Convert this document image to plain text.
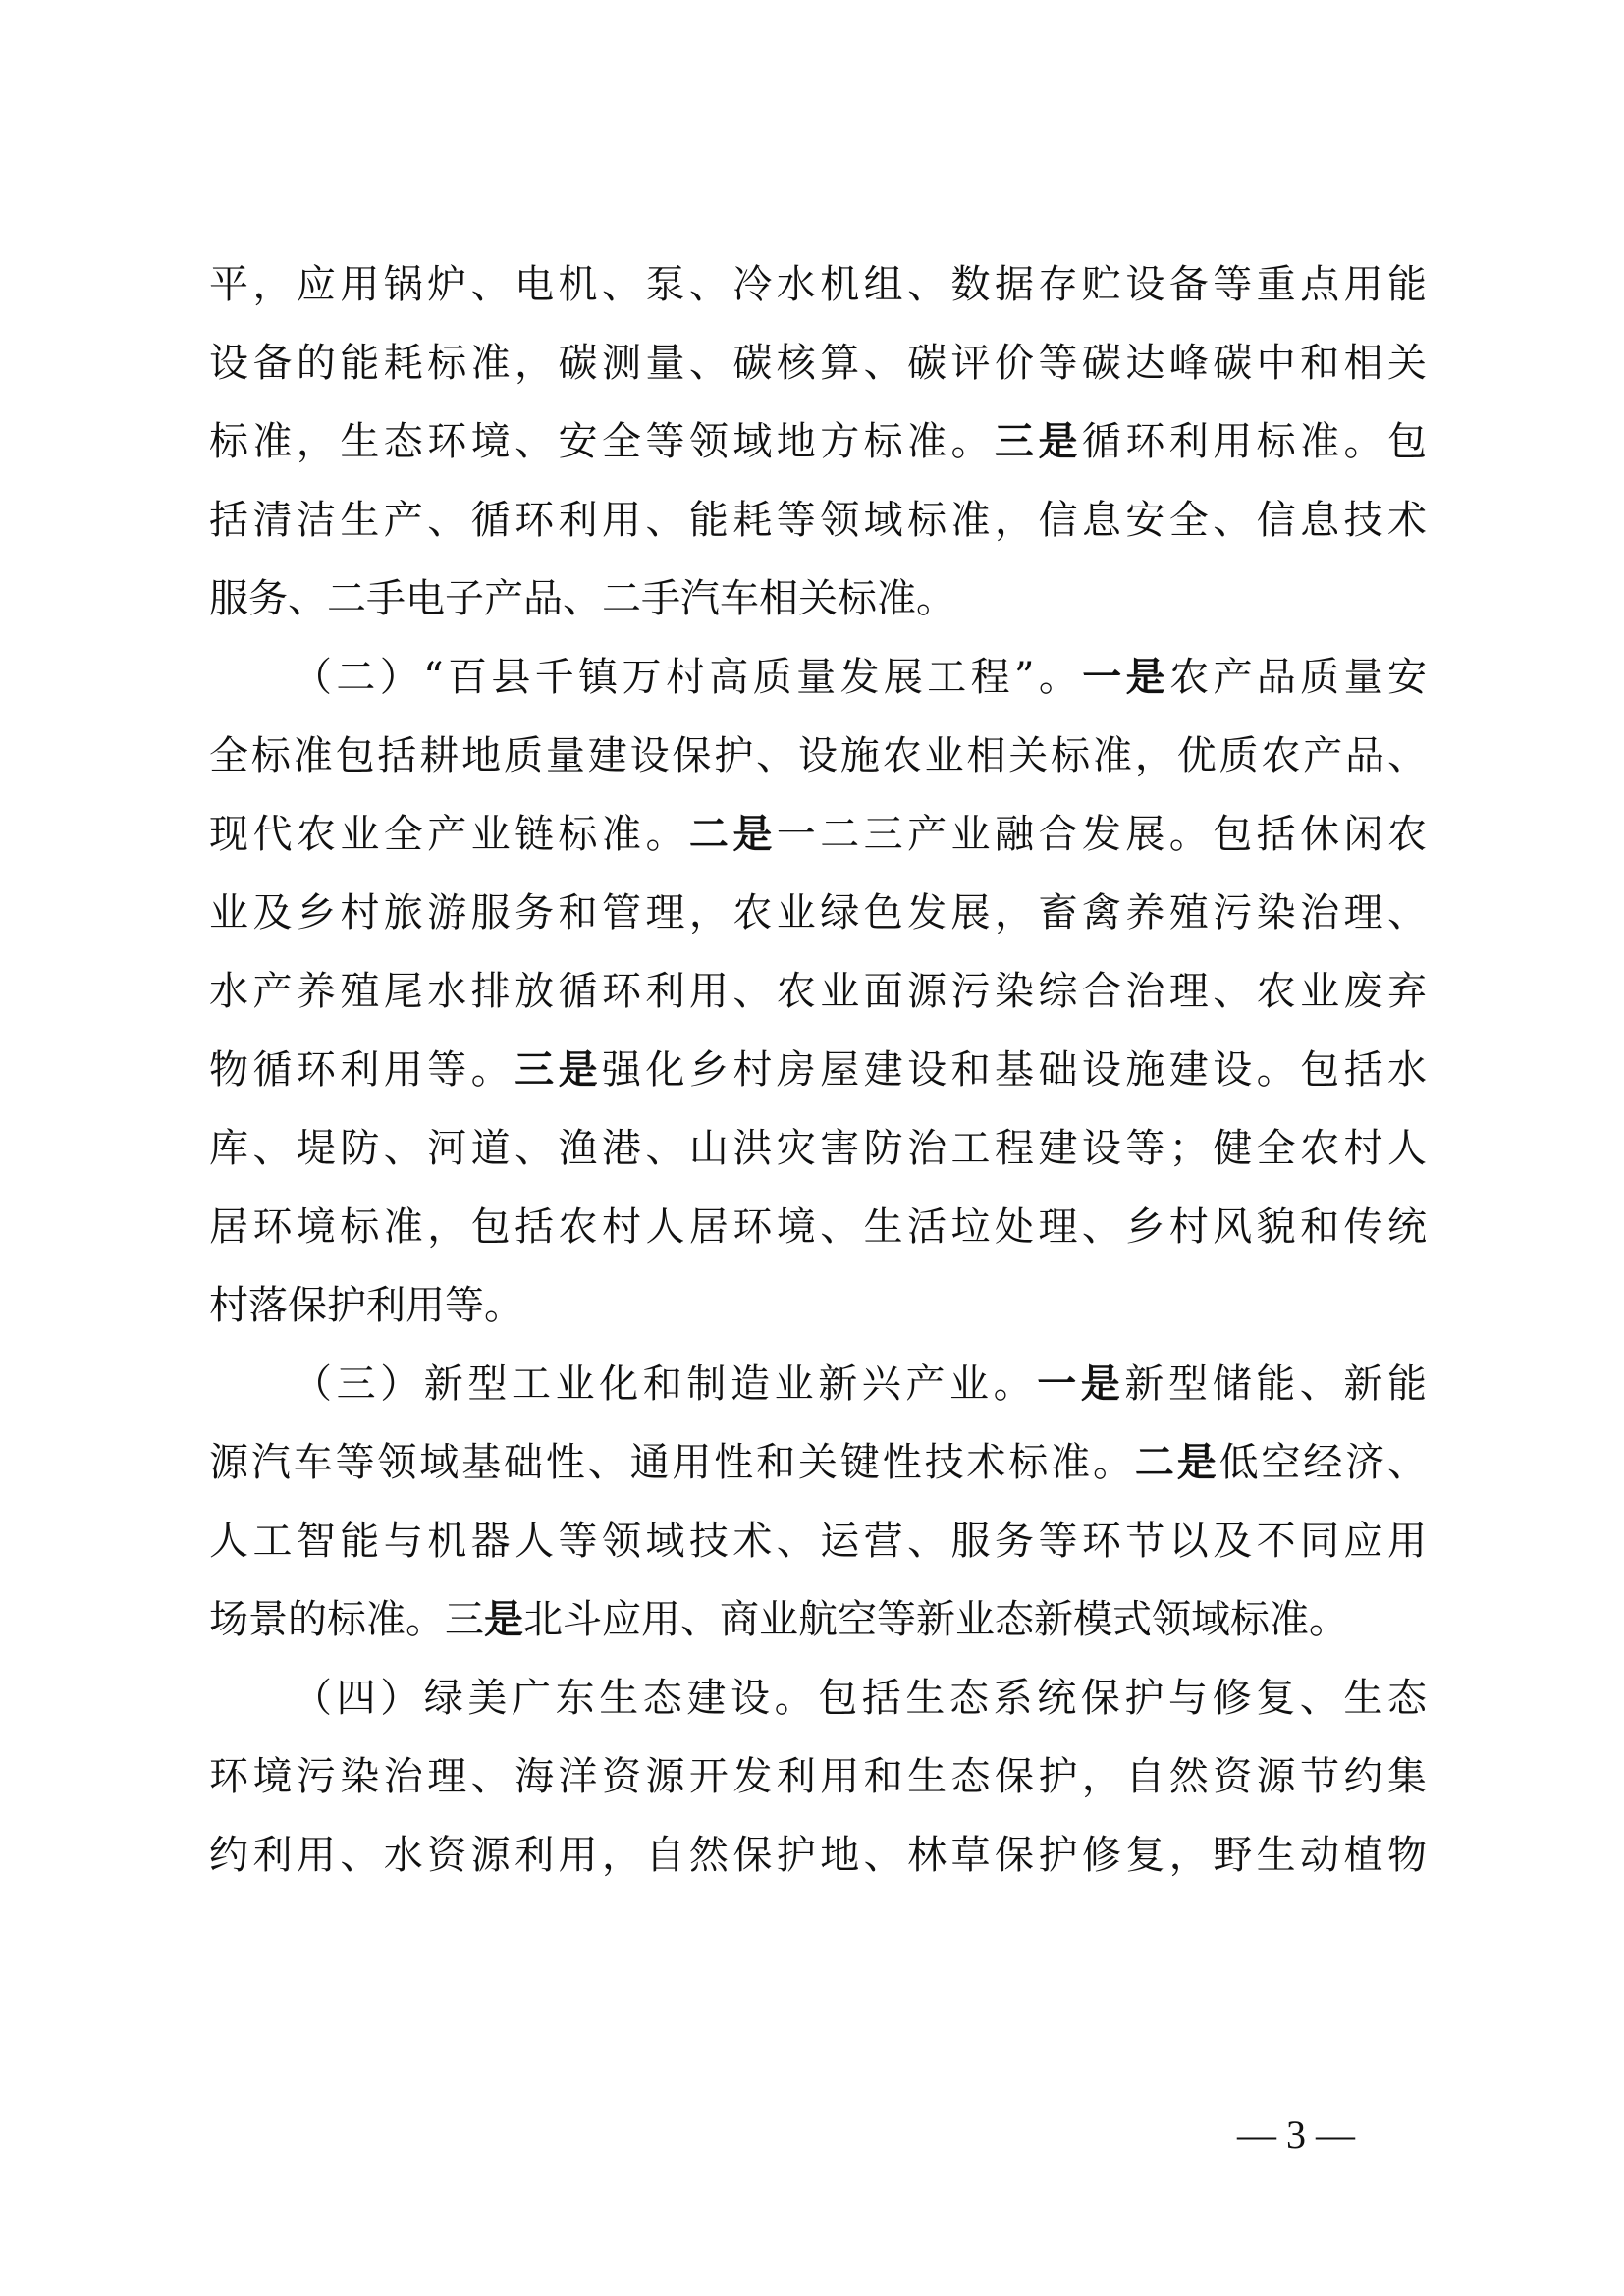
平，应用锅炉、电机、泵、冷水机组、数据存贮设备等重点用能
设备的能耗标准，碳测量、碳核算、碳评价等碳达峰碳中和相关
标准，生态环境、安全等领域地方标准。三是循环利用标准。包
括清洁生产、循环利用、能耗等领域标准，信息安全、信息技术
服务、二手电子产品、二手汽车相关标准。
（二）“百县千镇万村高质量发展工程”。一是农产品质量安
全标准包括耕地质量建设保护、设施农业相关标准，优质农产品、
现代农业全产业链标准。二是一二三产业融合发展。包括休闲农
业及乡村旅游服务和管理，农业绿色发展，畜禽养殖污染治理、
水产养殖尾水排放循环利用、农业面源污染综合治理、农业废弃
物循环利用等。三是强化乡村房屋建设和基础设施建设。包括水
库、堤防、河道、渔港、山洪灾害防治工程建设等；健全农村人
居环境标准，包括农村人居环境、生活垃处理、乡村风貌和传统
村落保护利用等。
（三）新型工业化和制造业新兴产业。一是新型储能、新能
源汽车等领域基础性、通用性和关键性技术标准。二是低空经济、
人工智能与机器人等领域技术、运营、服务等环节以及不同应用
场景的标准。三是北斗应用、商业航空等新业态新模式领域标准。
（四）绿美广东生态建设。包括生态系统保护与修复、生态
环境污染治理、海洋资源开发利用和生态保护，自然资源节约集
约利用、水资源利用，自然保护地、林草保护修复，野生动植物
— 3 —
